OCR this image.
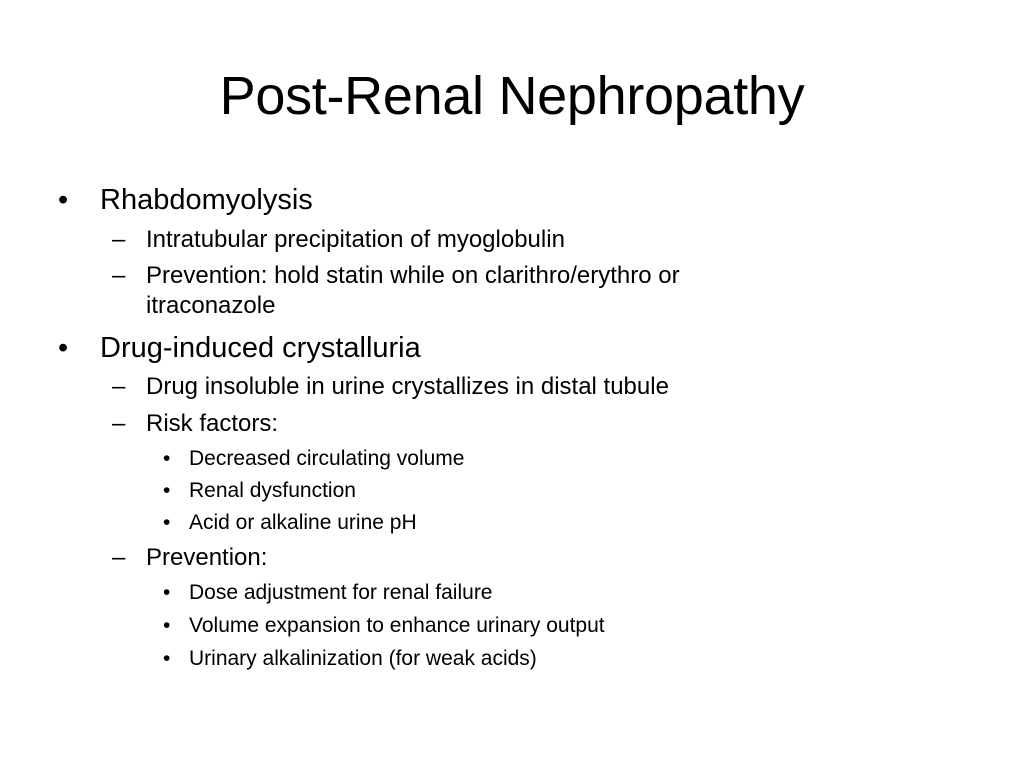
Post-Renal Nephropathy
• Rhabdomyolysis
– Intratubular precipitation of myoglobulin
– Prevention: hold statin while on clarithro/erythro or
itraconazole
• Drug-induced crystalluria
– Drug insoluble in urine crystallizes in distal tubule
– Risk factors:
• Decreased circulating volume
• Renal dysfunction
• Acid or alkaline urine pH
– Prevention:
• Dose adjustment for renal failure
• Volume expansion to enhance urinary output
• Urinary alkalinization (for weak acids)
